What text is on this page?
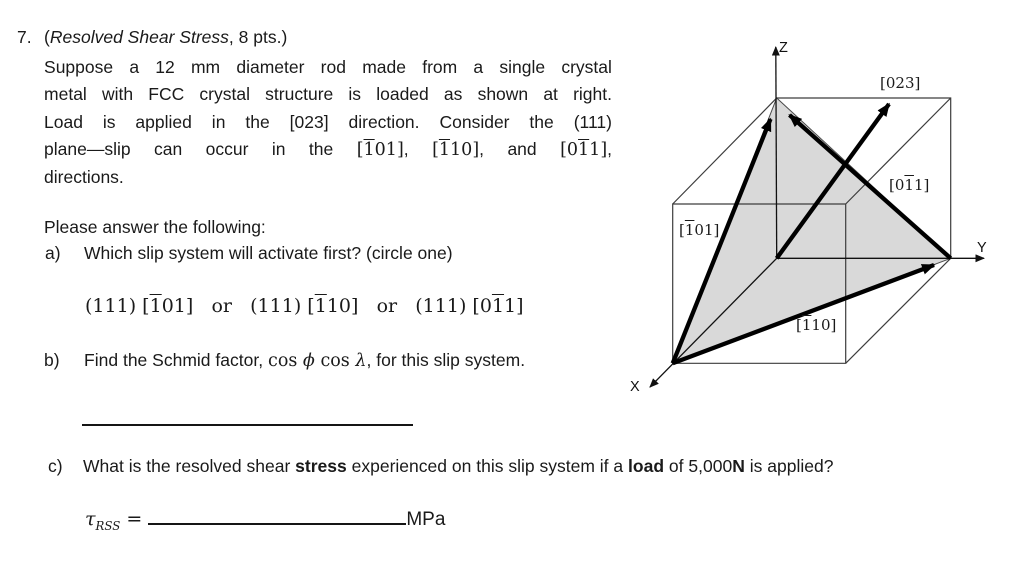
7. (Resolved Shear Stress, 8 pts.)
Suppose a 12 mm diameter rod made from a single crystal
metal with FCC crystal structure is loaded as shown at right.
Load is applied in the [023] direction. Consider the (111)
plane—slip can occur in the [101], [110], and [011],
directions.
Please answer the following:
a) Which slip system will activate first? (circle one)
(111) [101] or (111) [110] or (111) [011]
b) Find the Schmid factor, cos ϕ cos λ, for this slip system.
c) What is the resolved shear stress experienced on this slip system if a load of 5,000N is applied?
$\tau_{RSS}$ =	MPa
Z
Y
X
[023]
[011]
[101]
[110]
